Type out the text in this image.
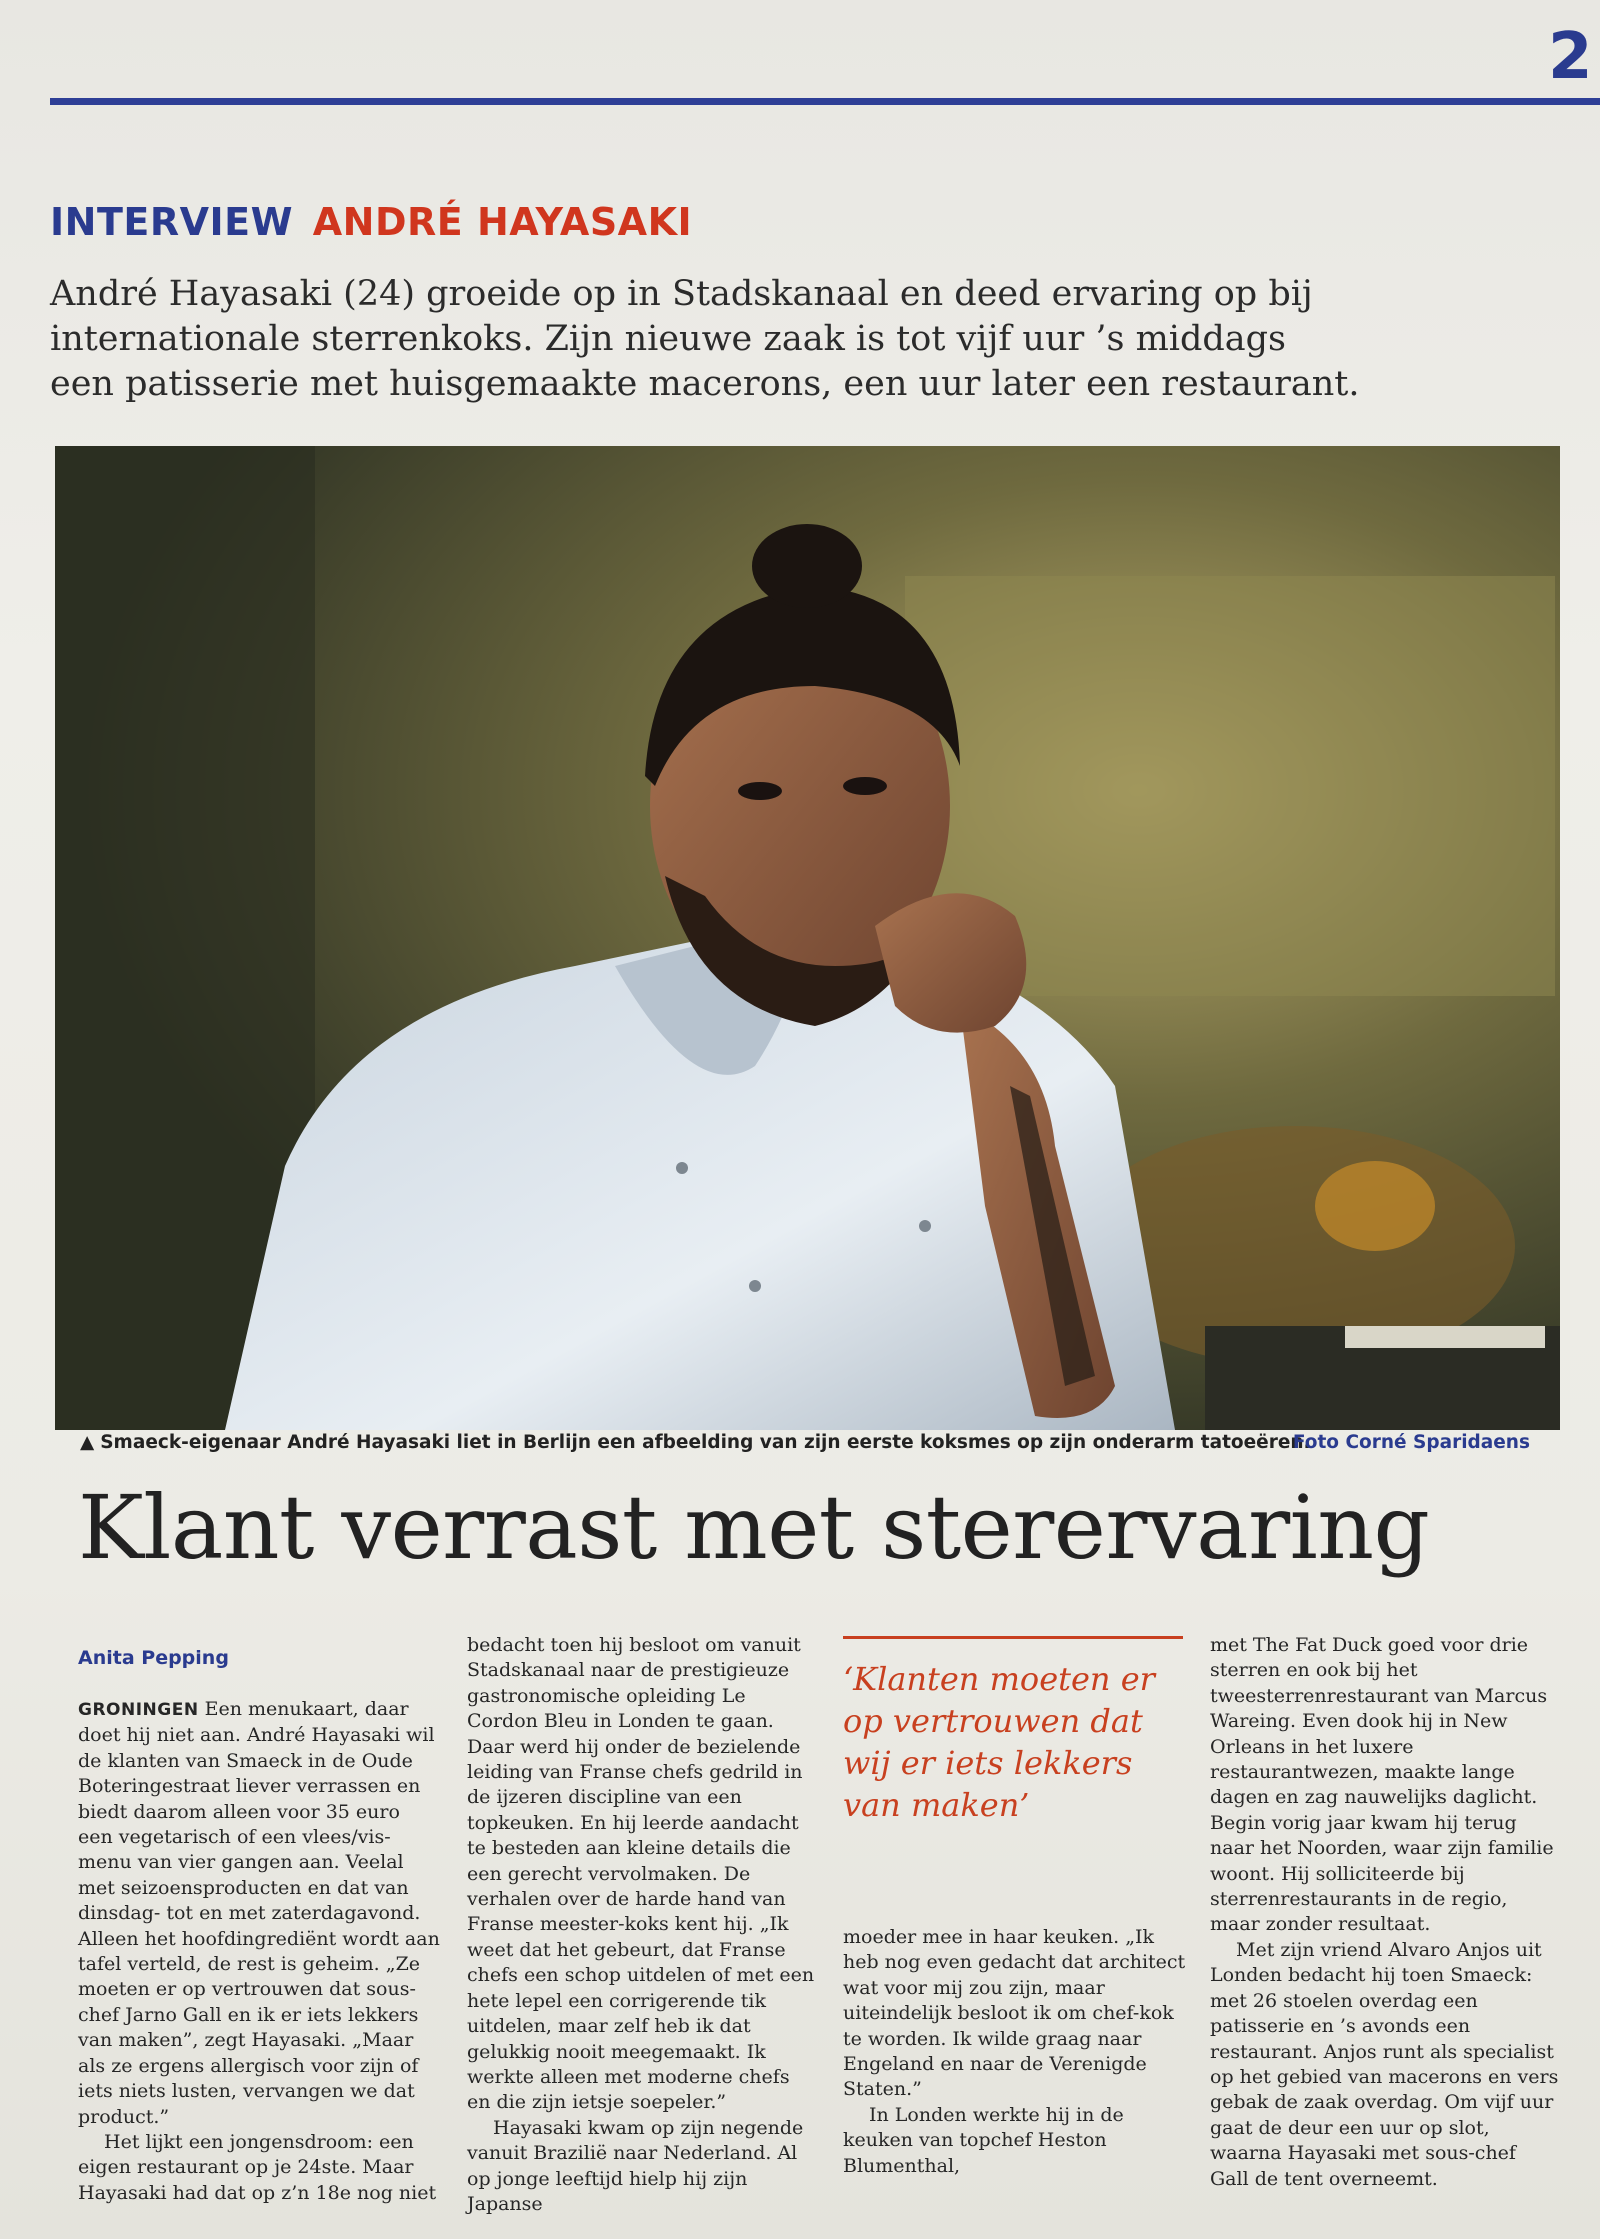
2
INTERVIEW ANDRÉ HAYASAKI
André Hayasaki (24) groeide op in Stadskanaal en deed ervaring op bij
internationale sterrenkoks. Zijn nieuwe zaak is tot vijf uur ’s middags
een patisserie met huisgemaakte macerons, een uur later een restaurant.
▲ Smaeck-eigenaar André Hayasaki liet in Berlijn een afbeelding van zijn eerste koksmes op zijn onderarm tatoeëren.
Foto Corné Sparidaens
Klant verrast met sterervaring
Anita Pepping

GRONINGEN Een menukaart, daar doet hij niet aan. André Hayasaki wil de klanten van Smaeck in de Oude Boteringestraat liever verrassen en biedt daarom alleen voor 35 euro een vegetarisch of een vlees/vis-menu van vier gangen aan. Veelal met seizoensproducten en dat van dinsdag- tot en met zaterdagavond. Alleen het hoofdingrediënt wordt aan tafel verteld, de rest is geheim. „Ze moeten er op vertrouwen dat sous-chef Jarno Gall en ik er iets lekkers van maken”, zegt Hayasaki. „Maar als ze ergens allergisch voor zijn of iets niets lusten, vervangen we dat product.”

Het lijkt een jongensdroom: een eigen restaurant op je 24ste. Maar Hayasaki had dat op z’n 18e nog niet

bedacht toen hij besloot om vanuit Stadskanaal naar de prestigieuze gastronomische opleiding Le Cordon Bleu in Londen te gaan. Daar werd hij onder de bezielende leiding van Franse chefs gedrild in de ijzeren discipline van een topkeuken. En hij leerde aandacht te besteden aan kleine details die een gerecht vervolmaken. De verhalen over de harde hand van Franse meester-koks kent hij. „Ik weet dat het gebeurt, dat Franse chefs een schop uitdelen of met een hete lepel een corrigerende tik uitdelen, maar zelf heb ik dat gelukkig nooit meegemaakt. Ik werkte alleen met moderne chefs en die zijn ietsje soepeler.”

Hayasaki kwam op zijn negende vanuit Brazilië naar Nederland. Al op jonge leeftijd hielp hij zijn Japanse

‘Klanten moeten er
op vertrouwen dat
wij er iets lekkers
van maken’

moeder mee in haar keuken. „Ik heb nog even gedacht dat architect wat voor mij zou zijn, maar uiteindelijk besloot ik om chef-kok te worden. Ik wilde graag naar Engeland en naar de Verenigde Staten.”

In Londen werkte hij in de keuken van topchef Heston Blumenthal,

met The Fat Duck goed voor drie sterren en ook bij het tweesterrenrestaurant van Marcus Wareing. Even dook hij in New Orleans in het luxere restaurantwezen, maakte lange dagen en zag nauwelijks daglicht. Begin vorig jaar kwam hij terug naar het Noorden, waar zijn familie woont. Hij solliciteerde bij sterrenrestaurants in de regio, maar zonder resultaat.

Met zijn vriend Alvaro Anjos uit Londen bedacht hij toen Smaeck: met 26 stoelen overdag een patisserie en ’s avonds een restaurant. Anjos runt als specialist op het gebied van macerons en vers gebak de zaak overdag. Om vijf uur gaat de deur een uur op slot, waarna Hayasaki met sous-chef Gall de tent overneemt.
